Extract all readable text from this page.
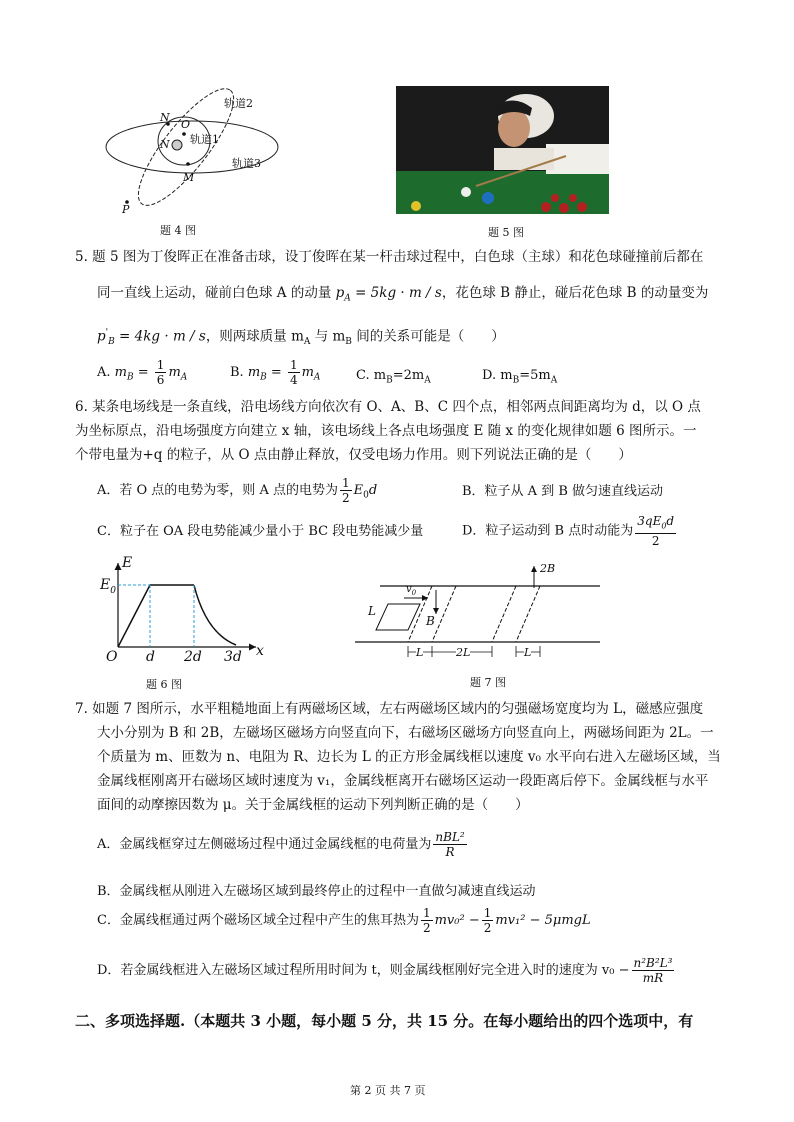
N
O
N
M
P
轨道2
轨道1
轨道3
题 4 图	题 5 图
5. 题 5 图为丁俊晖正在准备击球，设丁俊晖在某一杆击球过程中，白色球（主球）和花色球碰撞前后都在
同一直线上运动，碰前白色球 A 的动量 $p_A = 5kg \cdot m / s$，花色球 B 静止，碰后花色球 B 的动量变为
$p'_B = 4kg \cdot m / s$，则两球质量 $m_A$ 与 $m_B$ 间的关系可能是（　　）
A. $m_B = \frac{1}{6} m_A$	B. $m_B = \frac{1}{4} m_A$	C. $m_B=2m_A$	D. $m_B=5m_A$
6. 某条电场线是一条直线，沿电场线方向依次有 O、A、B、C 四个点，相邻两点间距离均为 d，以 O 点
为坐标原点，沿电场强度方向建立 x 轴，该电场线上各点电场强度 E 随 x 的变化规律如题 6 图所示。一
个带电量为+q 的粒子，从 O 点由静止释放，仅受电场力作用。则下列说法正确的是（　　）
A．若 O 点的电势为零，则 A 点的电势为 $\frac{1}{2} E_0d$	B．粒子从 A 到 B 做匀速直线运动
C．粒子在 OA 段电势能减少量小于 BC 段电势能减少量	D．粒子运动到 B 点时动能为 $\frac{3qE_0d}{2}$
E
$E_0$
O d 2d 3d x
题 6 图
2B
$v_0$
L
B
L	2L	L
题 7 图
7. 如题 7 图所示，水平粗糙地面上有两磁场区域，左右两磁场区域内的匀强磁场宽度均为 L，磁感应强度
大小分别为 B 和 2B，左磁场区磁场方向竖直向下，右磁场区磁场方向竖直向上，两磁场间距为 2L。一
个质量为 m、匝数为 n、电阻为 R、边长为 L 的正方形金属线框以速度 v₀ 水平向右进入左磁场区域，当
金属线框刚离开右磁场区域时速度为 v₁，金属线框离开右磁场区运动一段距离后停下。金属线框与水平
面间的动摩擦因数为 μ。关于金属线框的运动下列判断正确的是（　　）
A．金属线框穿过左侧磁场过程中通过金属线框的电荷量为 $\frac{\text{nBL²}}{R}$
B．金属线框从刚进入左磁场区域到最终停止的过程中一直做匀减速直线运动
C．金属线框通过两个磁场区域全过程中产生的焦耳热为 $\frac{1}{2} mv_0^2 - \frac{1}{2} mv_1^2 - 5\mu mgL$
D．若金属线框进入左磁场区域过程所用时间为 t，则金属线框刚好完全进入时的速度为 $v_0 - \frac{\text{n²B²L³}}{mR}$
二、多项选择题.（本题共 3 小题，每小题 5 分，共 15 分。在每小题给出的四个选项中，有
第 2 页 共 7 页
